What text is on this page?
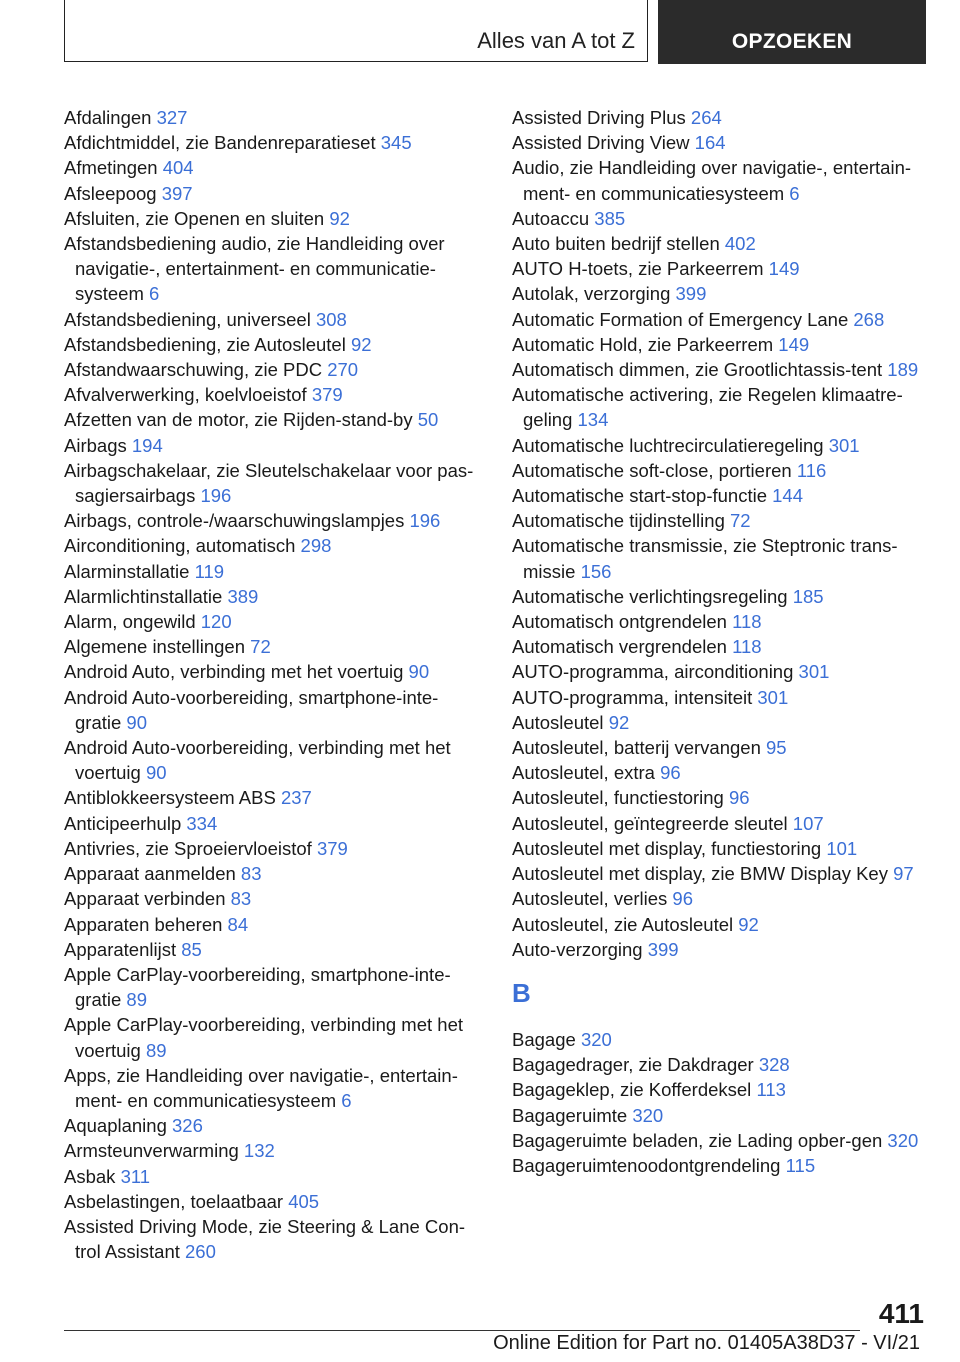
Alles van A tot Z	OPZOEKEN
Afdalingen 327
Afdichtmiddel, zie Bandenreparatieset 345
Afmetingen 404
Afsleepoog 397
Afsluiten, zie Openen en sluiten 92
Afstandsbediening audio, zie Handleiding over navigatie-, entertainment- en communicatie-systeem 6
Afstandsbediening, universeel 308
Afstandsbediening, zie Autosleutel 92
Afstandwaarschuwing, zie PDC 270
Afvalverwerking, koelvloeistof 379
Afzetten van de motor, zie Rijden-stand-by 50
Airbags 194
Airbagschakelaar, zie Sleutelschakelaar voor pas-sagiersairbags 196
Airbags, controle-/waarschuwingslampjes 196
Airconditioning, automatisch 298
Alarminstallatie 119
Alarmlichtinstallatie 389
Alarm, ongewild 120
Algemene instellingen 72
Android Auto, verbinding met het voertuig 90
Android Auto-voorbereiding, smartphone-inte-gratie 90
Android Auto-voorbereiding, verbinding met het voertuig 90
Antiblokkeersysteem ABS 237
Anticipeerhulp 334
Antivries, zie Sproeiervloeistof 379
Apparaat aanmelden 83
Apparaat verbinden 83
Apparaten beheren 84
Apparatenlijst 85
Apple CarPlay-voorbereiding, smartphone-inte-gratie 89
Apple CarPlay-voorbereiding, verbinding met het voertuig 89
Apps, zie Handleiding over navigatie-, entertain-ment- en communicatiesysteem 6
Aquaplaning 326
Armsteunverwarming 132
Asbak 311
Asbelastingen, toelaatbaar 405
Assisted Driving Mode, zie Steering & Lane Con-trol Assistant 260
Assisted Driving Plus 264
Assisted Driving View 164
Audio, zie Handleiding over navigatie-, entertain-ment- en communicatiesysteem 6
Autoaccu 385
Auto buiten bedrijf stellen 402
AUTO H-toets, zie Parkeerrem 149
Autolak, verzorging 399
Automatic Formation of Emergency Lane 268
Automatic Hold, zie Parkeerrem 149
Automatisch dimmen, zie Grootlichtassis-tent 189
Automatische activering, zie Regelen klimaatre-geling 134
Automatische luchtrecirculatieregeling 301
Automatische soft-close, portieren 116
Automatische start-stop-functie 144
Automatische tijdinstelling 72
Automatische transmissie, zie Steptronic trans-missie 156
Automatische verlichtingsregeling 185
Automatisch ontgrendelen 118
Automatisch vergrendelen 118
AUTO-programma, airconditioning 301
AUTO-programma, intensiteit 301
Autosleutel 92
Autosleutel, batterij vervangen 95
Autosleutel, extra 96
Autosleutel, functiestoring 96
Autosleutel, geïntegreerde sleutel 107
Autosleutel met display, functiestoring 101
Autosleutel met display, zie BMW Display Key 97
Autosleutel, verlies 96
Autosleutel, zie Autosleutel 92
Auto-verzorging 399
B
Bagage 320
Bagagedrager, zie Dakdrager 328
Bagageklep, zie Kofferdeksel 113
Bagageruimte 320
Bagageruimte beladen, zie Lading opber-gen 320
Bagageruimtenoodontgrendeling 115
411
Online Edition for Part no. 01405A38D37 - VI/21
